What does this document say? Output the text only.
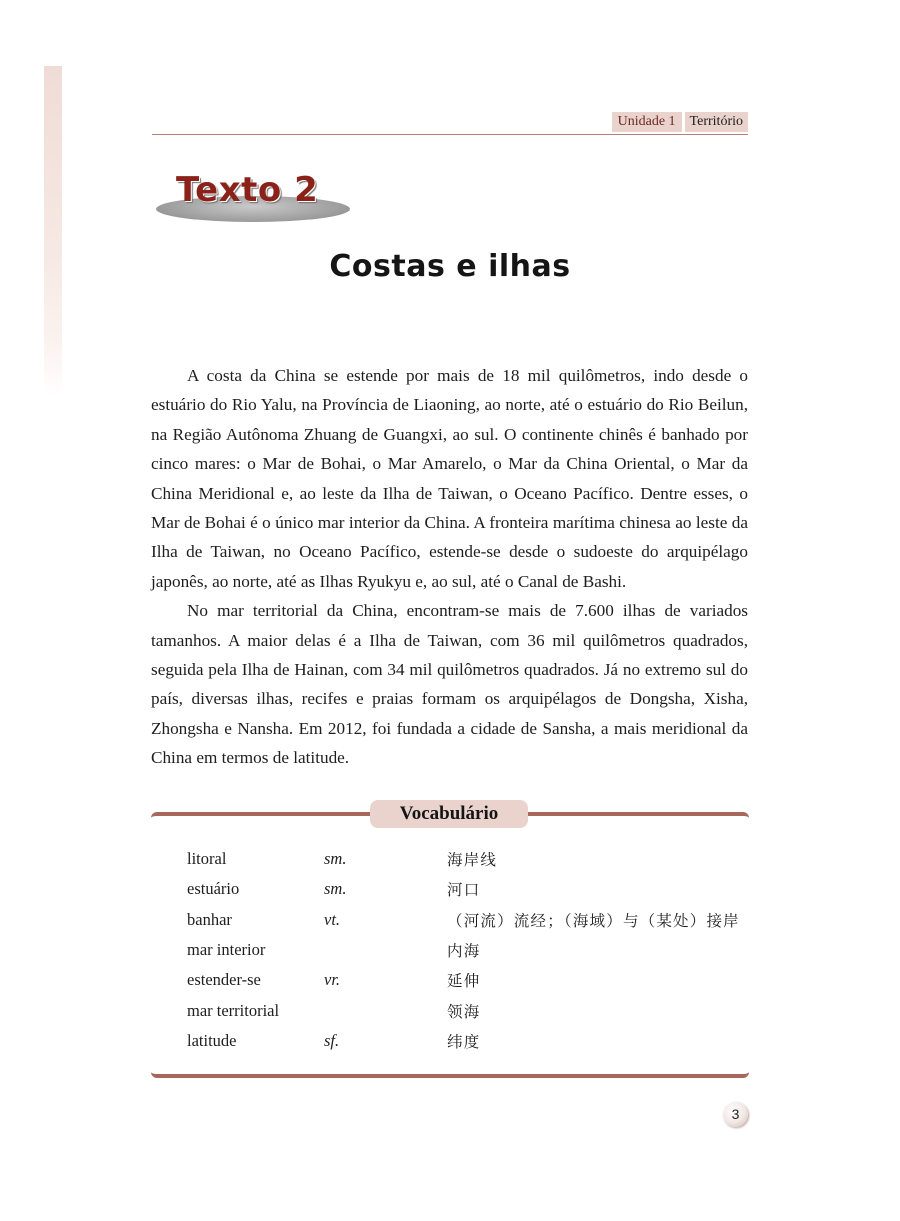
Unidade 1	Território
Texto 2
Costas e ilhas

A costa da China se estende por mais de 18 mil quilômetros, indo desde o estuário do Rio Yalu, na Província de Liaoning, ao norte, até o estuário do Rio Beilun, na Região Autônoma Zhuang de Guangxi, ao sul. O continente chinês é banhado por cinco mares: o Mar de Bohai, o Mar Amarelo, o Mar da China Oriental, o Mar da China Meridional e, ao leste da Ilha de Taiwan, o Oceano Pacífico. Dentre esses, o Mar de Bohai é o único mar interior da China. A fronteira marítima chinesa ao leste da Ilha de Taiwan, no Oceano Pacífico, estende-se desde o sudoeste do arquipélago japonês, ao norte, até as Ilhas Ryukyu e, ao sul, até o Canal de Bashi.

No mar territorial da China, encontram-se mais de 7.600 ilhas de variados tamanhos. A maior delas é a Ilha de Taiwan, com 36 mil quilômetros quadrados, seguida pela Ilha de Hainan, com 34 mil quilômetros quadrados. Já no extremo sul do país, diversas ilhas, recifes e praias formam os arquipélagos de Dongsha, Xisha, Zhongsha e Nansha. Em 2012, foi fundada a cidade de Sansha, a mais meridional da China em termos de latitude.

Vocabulário
litoral	sm.	海岸线
estuário	sm.	河口
banhar	vt.	（河流）流经；（海域）与（某处）接岸
mar interior	内海
estender-se	vr.	延伸
mar territorial	领海
latitude	sf.	纬度
3
